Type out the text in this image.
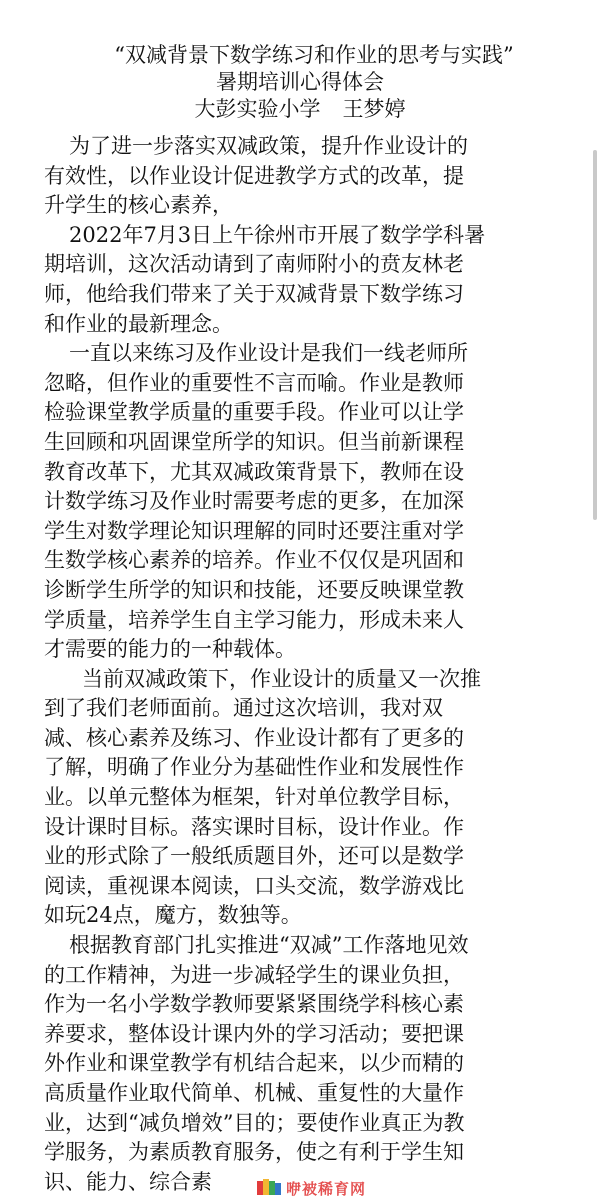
“双减背景下数学练习和作业的思考与实践”
暑期培训心得体会
大彭实验小学 王梦婷
为了进一步落实双减政策，提升作业设计的
有效性，以作业设计促进教学方式的改革，提
升学生的核心素养，
2022年7月3日上午徐州市开展了数学学科暑
期培训，这次活动请到了南师附小的贲友林老
师，他给我们带来了关于双减背景下数学练习
和作业的最新理念。
一直以来练习及作业设计是我们一线老师所
忽略，但作业的重要性不言而喻。作业是教师
检验课堂教学质量的重要手段。作业可以让学
生回顾和巩固课堂所学的知识。但当前新课程
教育改革下，尤其双减政策背景下，教师在设
计数学练习及作业时需要考虑的更多，在加深
学生对数学理论知识理解的同时还要注重对学
生数学核心素养的培养。作业不仅仅是巩固和
诊断学生所学的知识和技能，还要反映课堂教
学质量，培养学生自主学习能力，形成未来人
才需要的能力的一种载体。
当前双减政策下，作业设计的质量又一次推
到了我们老师面前。通过这次培训，我对双
减、核心素养及练习、作业设计都有了更多的
了解，明确了作业分为基础性作业和发展性作
业。以单元整体为框架，针对单位教学目标，
设计课时目标。落实课时目标，设计作业。作
业的形式除了一般纸质题目外，还可以是数学
阅读，重视课本阅读，口头交流，数学游戏比
如玩24点，魔方，数独等。
根据教育部门扎实推进“双减”工作落地见效
的工作精神，为进一步减轻学生的课业负担，
作为一名小学数学教师要紧紧围绕学科核心素
养要求，整体设计课内外的学习活动；要把课
外作业和课堂教学有机结合起来，以少而精的
高质量作业取代简单、机械、重复性的大量作
业，达到“减负增效”目的；要使作业真正为教
学服务，为素质教育服务，使之有利于学生知
识、能力、综合素	咿被稀育网
